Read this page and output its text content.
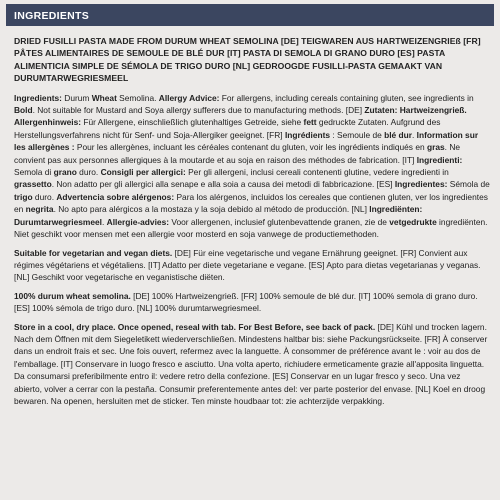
INGREDIENTS
DRIED FUSILLI PASTA MADE FROM DURUM WHEAT SEMOLINA [DE] TEIGWAREN AUS HARTWEIZENGRIEß [FR] PÂTES ALIMENTAIRES DE SEMOULE DE BLÉ DUR [IT] PASTA DI SEMOLA DI GRANO DURO [ES] PASTA ALIMENTICIA SIMPLE DE SÉMOLA DE TRIGO DURO [NL] GEDROOGDE FUSILLI-PASTA GEMAAKT VAN DURUMTARWEGRIESMEEL

Ingredients: Durum Wheat Semolina. Allergy Advice: For allergens, including cereals containing gluten, see ingredients in Bold. Not suitable for Mustard and Soya allergy sufferers due to manufacturing methods. [DE] Zutaten: Hartweizengrieß. Allergenhinweis: Für Allergene, einschließlich glutenhaltiges Getreide, siehe fett gedruckte Zutaten. Aufgrund des Herstellungsverfahrens nicht für Senf- und Soja-Allergiker geeignet. [FR] Ingrédients : Semoule de blé dur. Information sur les allergènes : Pour les allergènes, incluant les céréales contenant du gluten, voir les ingrédients indiqués en gras. Ne convient pas aux personnes allergiques à la moutarde et au soja en raison des méthodes de fabrication. [IT] Ingredienti: Semola di grano duro. Consigli per allergici: Per gli allergeni, inclusi cereali contenenti glutine, vedere ingredienti in grassetto. Non adatto per gli allergici alla senape e alla soia a causa dei metodi di fabbricazione. [ES] Ingredientes: Sémola de trigo duro. Advertencia sobre alérgenos: Para los alérgenos, incluidos los cereales que contienen gluten, ver los ingredientes en negrita. No apto para alérgicos a la mostaza y la soja debido al método de producción. [NL] Ingrediënten: Durumtarwegriesmeel. Allergie-advies: Voor allergenen, inclusief glutenbevattende granen, zie de vetgedrukte ingrediënten. Niet geschikt voor mensen met een allergie voor mosterd en soja vanwege de productiemethoden.

Suitable for vegetarian and vegan diets. [DE] Für eine vegetarische und vegane Ernährung geeignet. [FR] Convient aux régimes végétariens et végétaliens. [IT] Adatto per diete vegetariane e vegane. [ES] Apto para dietas vegetarianas y veganas. [NL] Geschikt voor vegetarische en veganistische diëten.

100% durum wheat semolina. [DE] 100% Hartweizengrieß. [FR] 100% semoule de blé dur. [IT] 100% semola di grano duro. [ES] 100% sémola de trigo duro. [NL] 100% durumtarwegriesmeel.

Store in a cool, dry place. Once opened, reseal with tab. For Best Before, see back of pack. [DE] Kühl und trocken lagern. Nach dem Öffnen mit dem Siegeletikett wiederverschließen. Mindestens haltbar bis: siehe Packungsrückseite. [FR] À conserver dans un endroit frais et sec. Une fois ouvert, refermez avec la languette. À consommer de préférence avant le : voir au dos de l'emballage. [IT] Conservare in luogo fresco e asciutto. Una volta aperto, richiudere ermeticamente grazie all'apposita linguetta. Da consumarsi preferibilmente entro il: vedere retro della confezione. [ES] Conservar en un lugar fresco y seco. Una vez abierto, volver a cerrar con la pestaña. Consumir preferentemente antes del: ver parte posterior del envase. [NL] Koel en droog bewaren. Na openen, hersluiten met de sticker. Ten minste houdbaar tot: zie achterzijde verpakking.
